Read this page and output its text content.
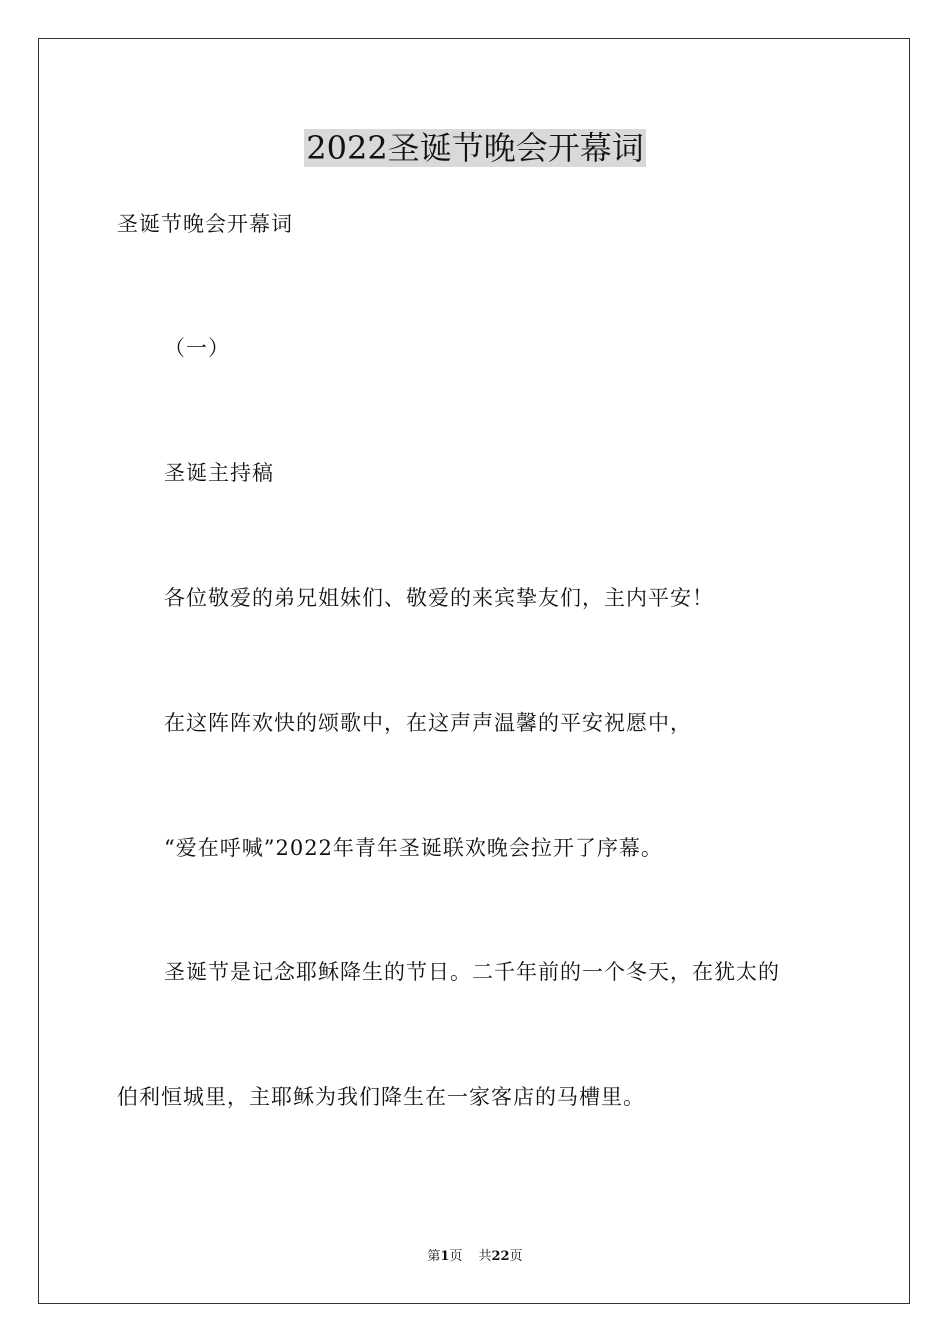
2022圣诞节晚会开幕词
圣诞节晚会开幕词
（一）
圣诞主持稿
各位敬爱的弟兄姐妹们、敬爱的来宾挚友们，主内平安！
在这阵阵欢快的颂歌中，在这声声温馨的平安祝愿中，
“爱在呼喊”2022年青年圣诞联欢晚会拉开了序幕。
圣诞节是记念耶稣降生的节日。二千年前的一个冬天，在犹太的
伯利恒城里，主耶稣为我们降生在一家客店的马槽里。
第1页 共22页
